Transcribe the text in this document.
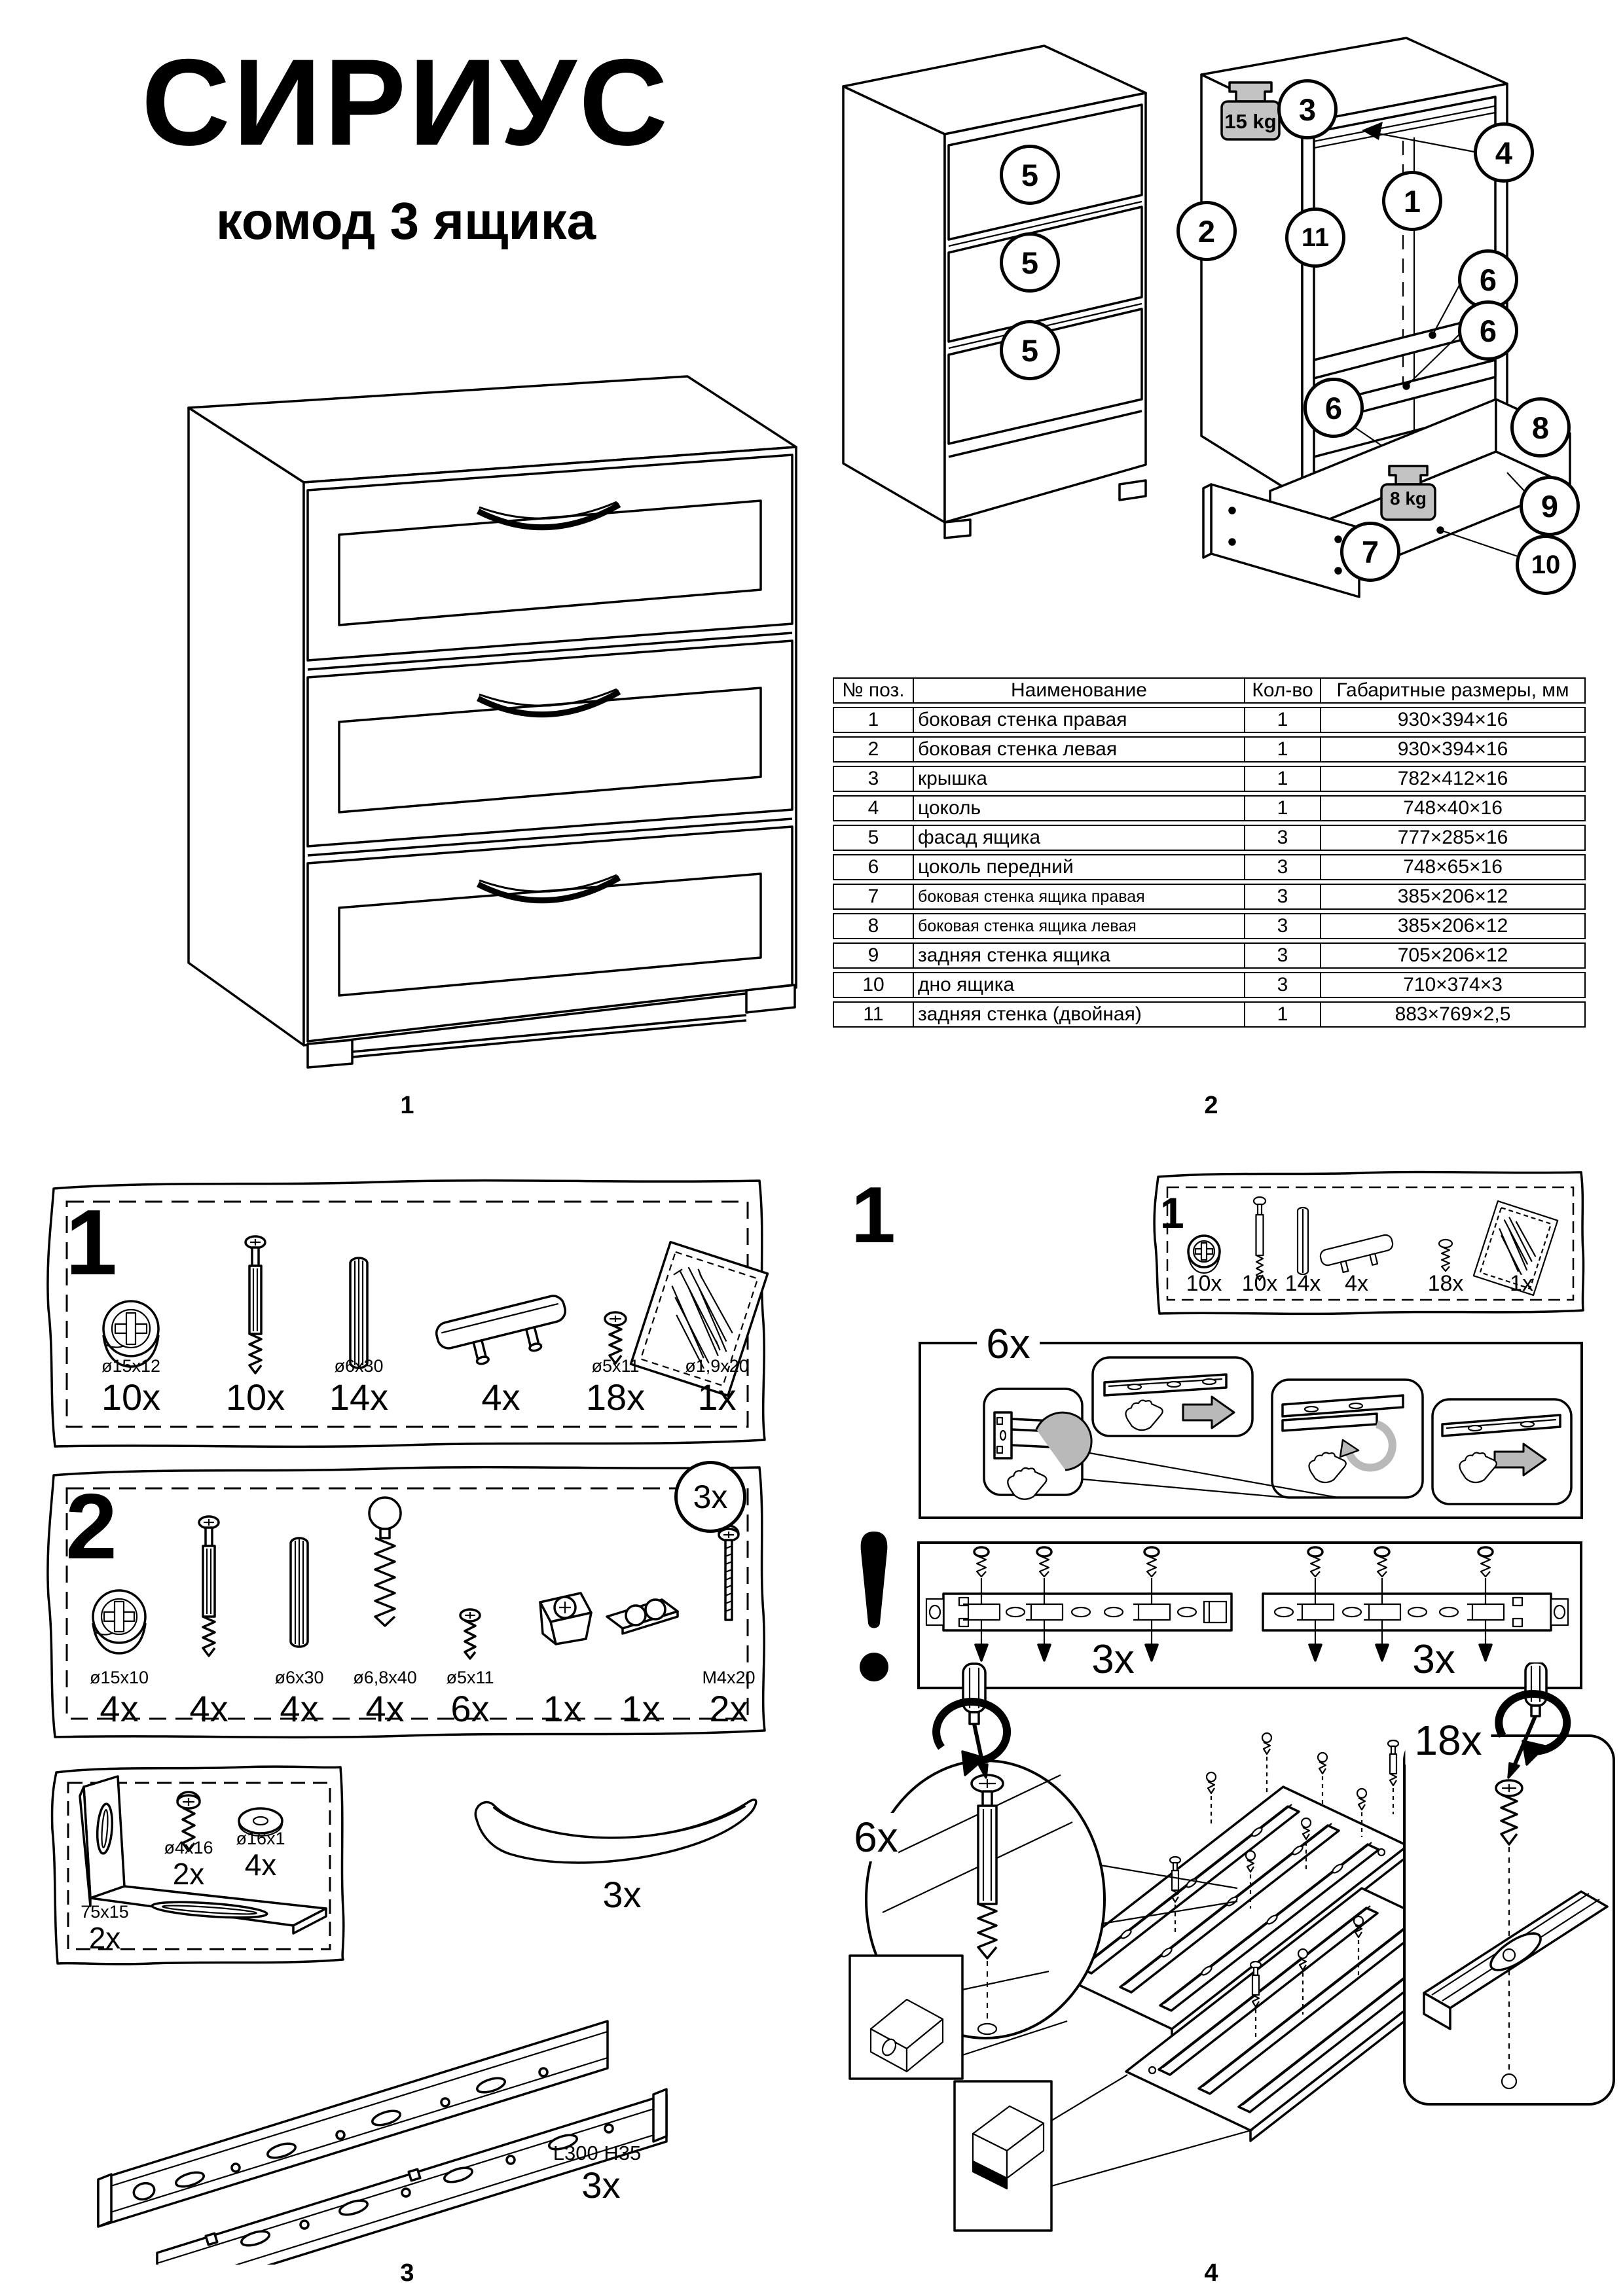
СИРИУС
комод 3 ящика
15 kg
8 kg
5
5
5
3
4
1
2	11
6
6
6
7
8
9
10
№ поз.	Наименование	Кол-во	Габаритные размеры, мм
1	боковая стенка правая	1	930×394×16
2	боковая стенка левая	1	930×394×16
3	крышка	1	782×412×16
4	цоколь	1	748×40×16
5	фасад ящика	3	777×285×16
6	цоколь передний	3	748×65×16
7	боковая стенка ящика правая	3	385×206×12
8	боковая стенка ящика левая	3	385×206×12
9	задняя стенка ящика	3	705×206×12
10	дно ящика	3	710×374×3
11	задняя стенка (двойная)	1	883×769×2,5
1	2
3	4
1
ø15x12	ø6x30	ø5x11	ø1,9x20
10x 10x 14x	4x 18x 1x
2	3x
ø15x10	ø6x30 ø6,8x40 ø5x11	M4x20
4x 4x 4x 4x 6x 1x 1x 2x
ø4x16
2x
ø16x1
4x
75x15
2x
3x
L300 H35
3x
1	1
10x 10x 14x 4x	18x 1x
6x
3x	3x
6x
18x
